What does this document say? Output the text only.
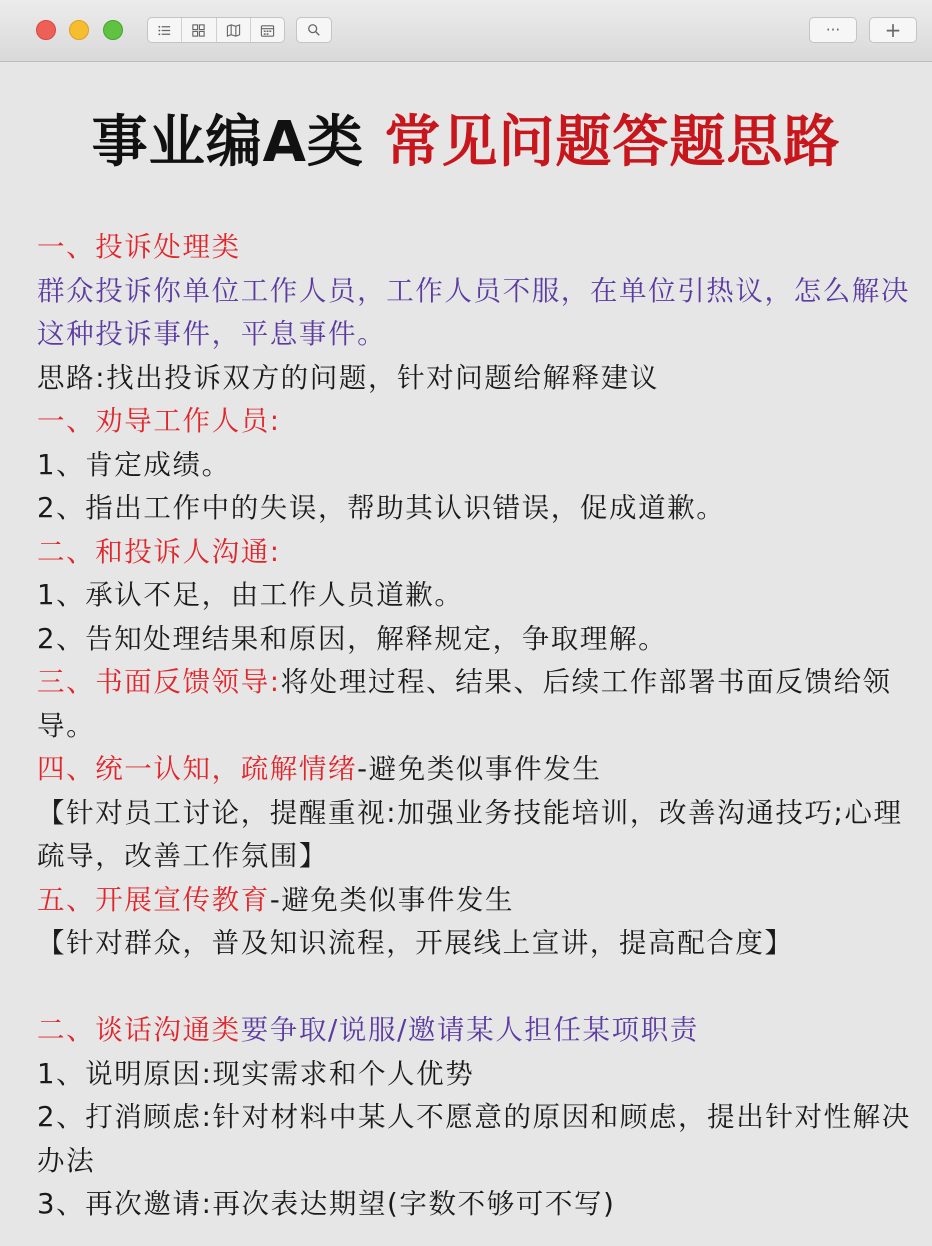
··· +
事业编A类 常见问题答题思路

一、投诉处理类

群众投诉你单位工作人员，工作人员不服，在单位引热议，怎么解决这种投诉事件，平息事件。

思路:找出投诉双方的问题，针对问题给解释建议

一、劝导工作人员:

1、肯定成绩。

2、指出工作中的失误，帮助其认识错误，促成道歉。

二、和投诉人沟通:

1、承认不足，由工作人员道歉。

2、告知处理结果和原因，解释规定，争取理解。

三、书面反馈领导:将处理过程、结果、后续工作部署书面反馈给领导。

四、统一认知，疏解情绪-避免类似事件发生

【针对员工讨论，提醒重视:加强业务技能培训，改善沟通技巧;心理疏导，改善工作氛围】

五、开展宣传教育-避免类似事件发生

【针对群众，普及知识流程，开展线上宣讲，提高配合度】

二、谈话沟通类要争取/说服/邀请某人担任某项职责

1、说明原因:现实需求和个人优势

2、打消顾虑:针对材料中某人不愿意的原因和顾虑，提出针对性解决办法

3、再次邀请:再次表达期望(字数不够可不写)
